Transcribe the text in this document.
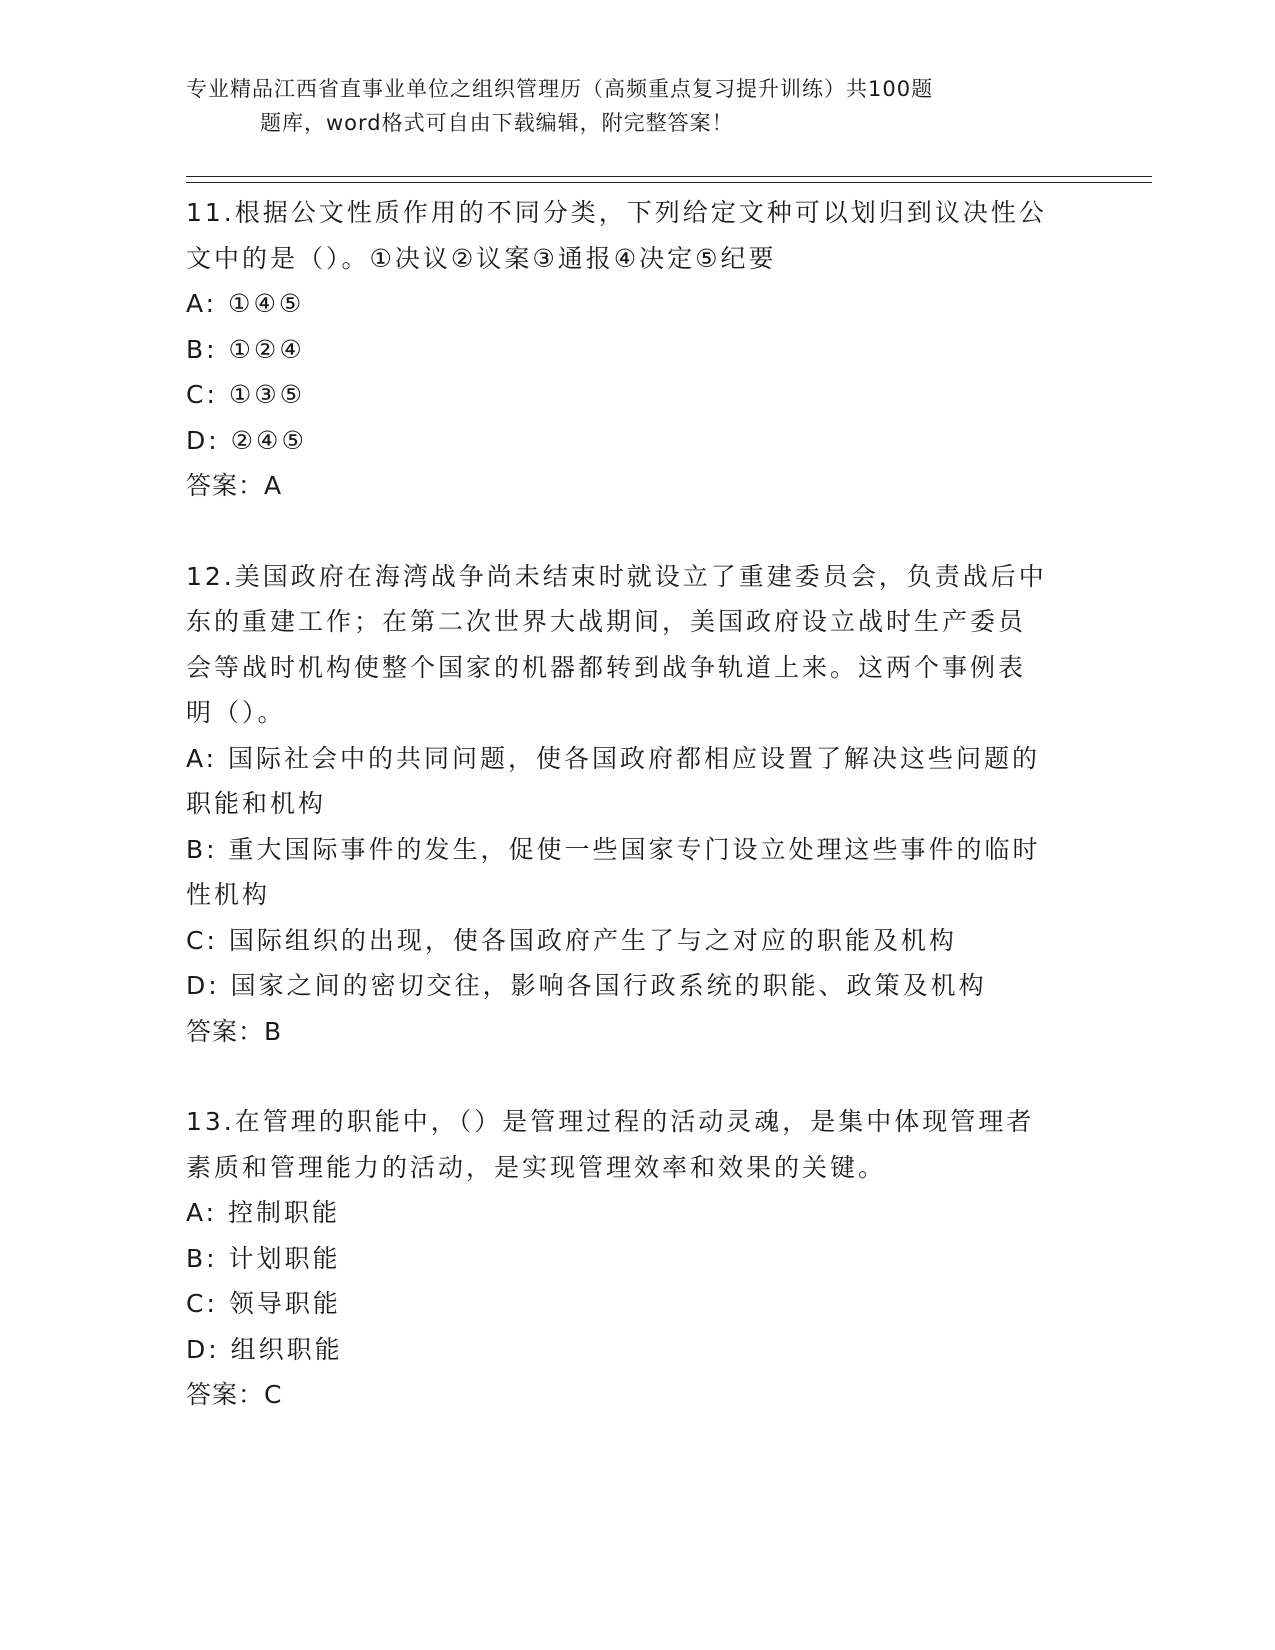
专业精品江西省直事业单位之组织管理历（高频重点复习提升训练）共100题
题库，word格式可自由下载编辑，附完整答案！

11.根据公文性质作用的不同分类，下列给定文种可以划归到议决性公

文中的是（）。①决议②议案③通报④决定⑤纪要

A: ①④⑤

B: ①②④

C: ①③⑤

D: ②④⑤

答案：A

12.美国政府在海湾战争尚未结束时就设立了重建委员会，负责战后中

东的重建工作；在第二次世界大战期间，美国政府设立战时生产委员

会等战时机构使整个国家的机器都转到战争轨道上来。这两个事例表

明（）。

A: 国际社会中的共同问题，使各国政府都相应设置了解决这些问题的

职能和机构

B: 重大国际事件的发生，促使一些国家专门设立处理这些事件的临时

性机构

C: 国际组织的出现，使各国政府产生了与之对应的职能及机构

D: 国家之间的密切交往，影响各国行政系统的职能、政策及机构

答案：B

13.在管理的职能中，（）是管理过程的活动灵魂，是集中体现管理者

素质和管理能力的活动，是实现管理效率和效果的关键。

A: 控制职能

B: 计划职能

C: 领导职能

D: 组织职能

答案：C
